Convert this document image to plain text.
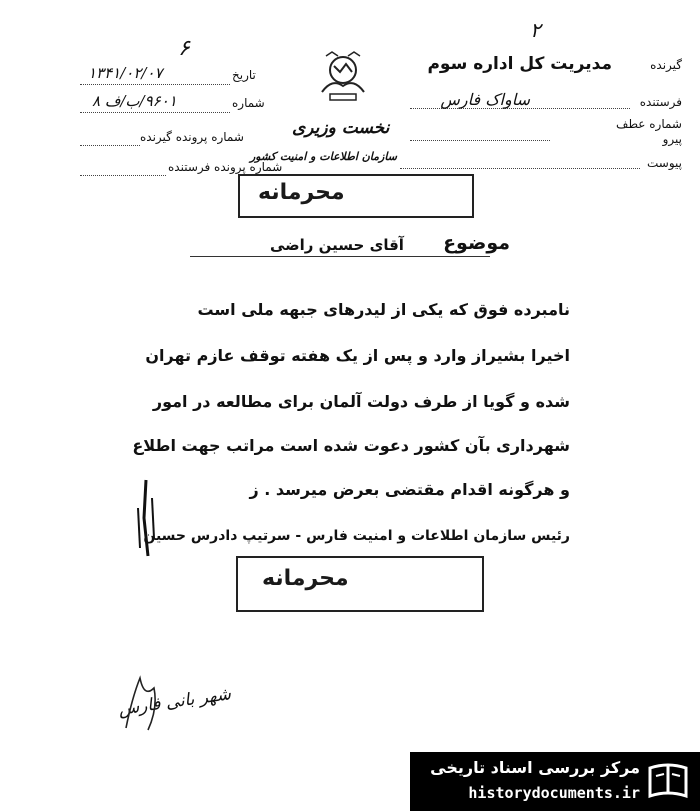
۲
۶
گیرنده
مدیریت کل اداره سوم
فرستنده
ساواک فارس
شماره عطف
پیرو
پیوست
نخست وزیری
سازمان اطلاعات و امنیت کشور
تاریخ
۱۳۴۱/۰۲/۰۷
شماره
۹۶۰۱/ب/ف ۸
شماره پرونده گیرنده
شماره پرونده فرستنده
محرمانه
موضوع
آقای حسین راضی
نامبرده فوق که یکی از لیدرهای جبهه ملی است
اخیرا بشیراز وارد و پس از یک هفته توقف عازم تهران
شده و گویا از طرف دولت آلمان برای مطالعه در امور
شهرداری بآن کشور دعوت شده است مراتب جهت اطلاع
و هرگونه اقدام مقتضی بعرض میرسد . ز
رئیس سازمان اطلاعات و امنیت فارس - سرتیپ دادرس حسین
محرمانه
شهر بانی فارس
مرکز بررسی اسناد تاریخی
historydocuments.ir
